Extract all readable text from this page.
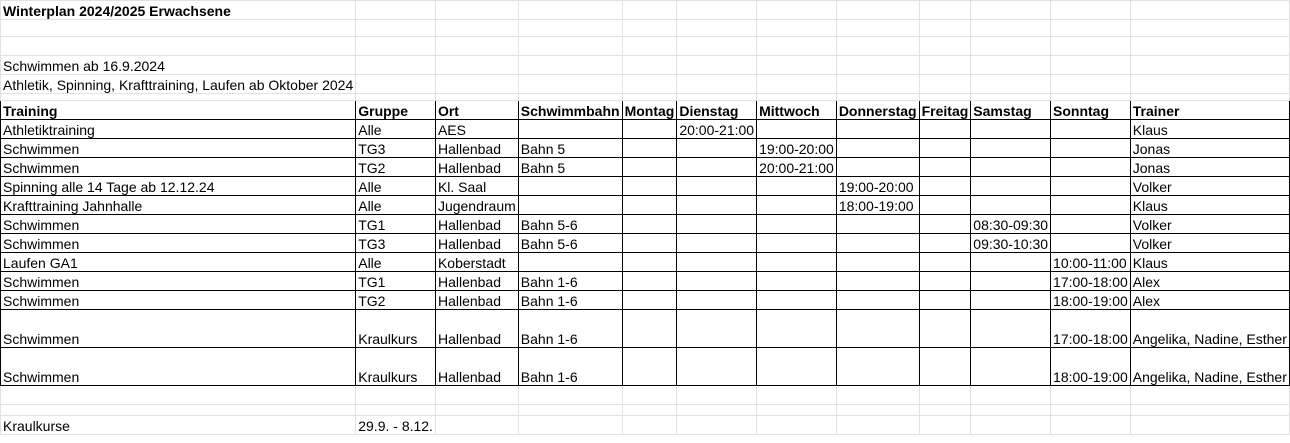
Winterplan 2024/2025 Erwachsene											

Schwimmen ab 16.9.2024											
Athletik, Spinning, Krafttraining, Laufen ab Oktober 2024											

Training	Gruppe	Ort	Schwimmbahn	Montag	Dienstag	Mittwoch	Donnerstag	Freitag	Samstag	Sonntag	Trainer
Athletiktraining	Alle	AES			20:00-21:00						Klaus
Schwimmen	TG3	Hallenbad	Bahn 5			19:00-20:00					Jonas
Schwimmen	TG2	Hallenbad	Bahn 5			20:00-21:00					Jonas
Spinning alle 14 Tage ab 12.12.24	Alle	Kl. Saal					19:00-20:00				Volker
Krafttraining Jahnhalle	Alle	Jugendraum					18:00-19:00				Klaus
Schwimmen	TG1	Hallenbad	Bahn 5-6						08:30-09:30		Volker
Schwimmen	TG3	Hallenbad	Bahn 5-6						09:30-10:30		Volker
Laufen GA1	Alle	Koberstadt								10:00-11:00	Klaus
Schwimmen	TG1	Hallenbad	Bahn 1-6							17:00-18:00	Alex
Schwimmen	TG2	Hallenbad	Bahn 1-6							18:00-19:00	Alex
Schwimmen	Kraulkurs	Hallenbad	Bahn 1-6							17:00-18:00	Angelika, Nadine, Esther
Schwimmen	Kraulkurs	Hallenbad	Bahn 1-6							18:00-19:00	Angelika, Nadine, Esther

Kraulkurse	29.9. - 8.12.										
